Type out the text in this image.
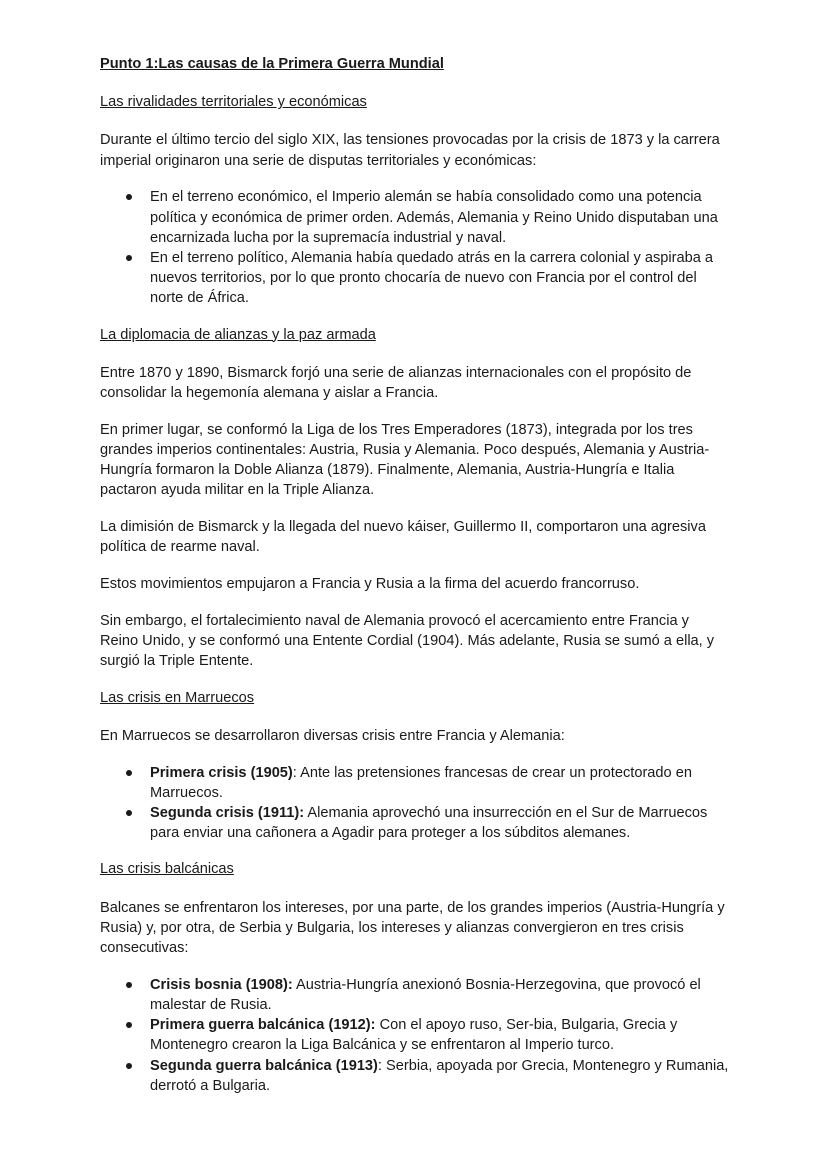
Punto 1:Las causas de la Primera Guerra Mundial
Las rivalidades territoriales y económicas

Durante el último tercio del siglo XIX, las tensiones provocadas por la crisis de 1873 y la carrera imperial originaron una serie de disputas territoriales y económicas:

En el terreno económico, el Imperio alemán se había consolidado como una potencia política y económica de primer orden. Además, Alemania y Reino Unido disputaban una encarnizada lucha por la supremacía industrial y naval.
En el terreno político, Alemania había quedado atrás en la carrera colonial y aspiraba a nuevos territorios, por lo que pronto chocaría de nuevo con Francia por el control del norte de África.
La diplomacia de alianzas y la paz armada

Entre 1870 y 1890, Bismarck forjó una serie de alianzas internacionales con el propósito de consolidar la hegemonía alemana y aislar a Francia.

En primer lugar, se conformó la Liga de los Tres Emperadores (1873), integrada por los tres grandes imperios continentales: Austria, Rusia y Alemania. Poco después, Alemania y Austria-Hungría formaron la Doble Alianza (1879). Finalmente, Alemania, Austria-Hungría e Italia pactaron ayuda militar en la Triple Alianza.

La dimisión de Bismarck y la llegada del nuevo káiser, Guillermo II, comportaron una agresiva política de rearme naval.

Estos movimientos empujaron a Francia y Rusia a la firma del acuerdo francorruso.

Sin embargo, el fortalecimiento naval de Alemania provocó el acercamiento entre Francia y Reino Unido, y se conformó una Entente Cordial (1904). Más adelante, Rusia se sumó a ella, y surgió la Triple Entente.

Las crisis en Marruecos

En Marruecos se desarrollaron diversas crisis entre Francia y Alemania:

Primera crisis (1905): Ante las pretensiones francesas de crear un protectorado en Marruecos.
Segunda crisis (1911): Alemania aprovechó una insurrección en el Sur de Marruecos para enviar una cañonera a Agadir para proteger a los súbditos alemanes.
Las crisis balcánicas

Balcanes se enfrentaron los intereses, por una parte, de los grandes imperios (Austria-Hungría y Rusia) y, por otra, de Serbia y Bulgaria, los intereses y alianzas convergieron en tres crisis consecutivas:

Crisis bosnia (1908): Austria-Hungría anexionó Bosnia-Herzegovina, que provocó el malestar de Rusia.
Primera guerra balcánica (1912): Con el apoyo ruso, Ser-bia, Bulgaria, Grecia y Montenegro crearon la Liga Balcánica y se enfrentaron al Imperio turco.
Segunda guerra balcánica (1913): Serbia, apoyada por Grecia, Montenegro y Rumania, derrotó a Bulgaria.
